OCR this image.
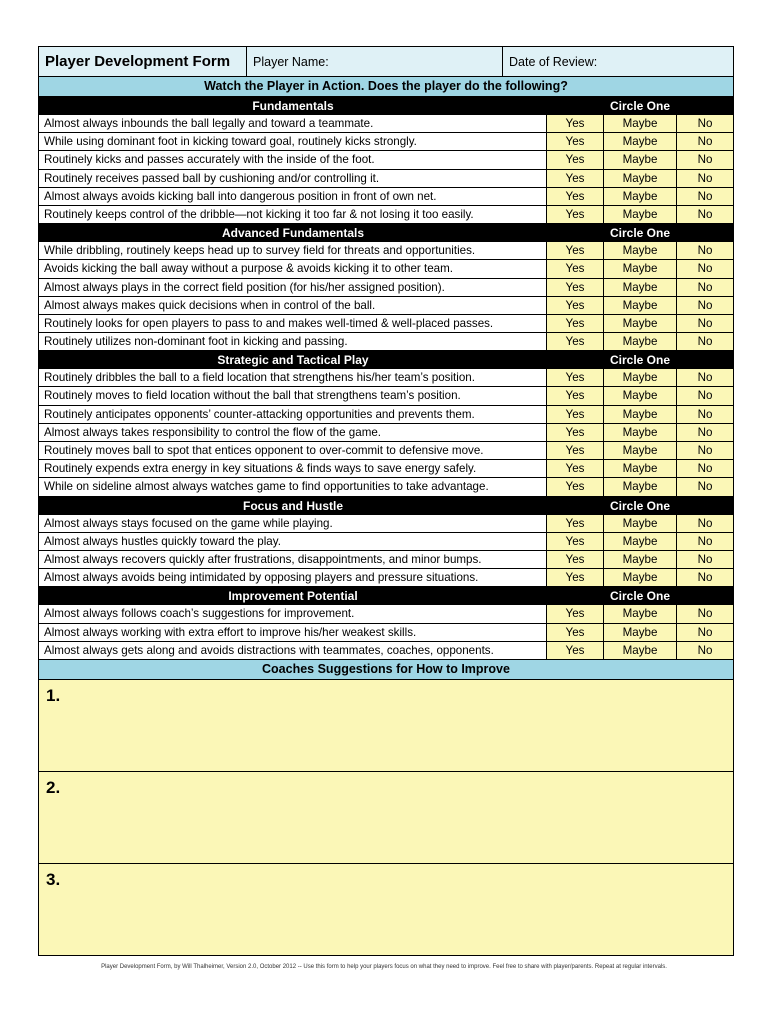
Player Development Form	Player Name:	Date of Review:
Watch the Player in Action. Does the player do the following?
Fundamentals	Circle One
Almost always inbounds the ball legally and toward a teammate.	Yes	Maybe	No
While using dominant foot in kicking toward goal, routinely kicks strongly.	Yes	Maybe	No
Routinely kicks and passes accurately with the inside of the foot.	Yes	Maybe	No
Routinely receives passed ball by cushioning and/or controlling it.	Yes	Maybe	No
Almost always avoids kicking ball into dangerous position in front of own net.	Yes	Maybe	No
Routinely keeps control of the dribble—not kicking it too far & not losing it too easily.	Yes	Maybe	No
Advanced Fundamentals	Circle One
While dribbling, routinely keeps head up to survey field for threats and opportunities.	Yes	Maybe	No
Avoids kicking the ball away without a purpose & avoids kicking it to other team.	Yes	Maybe	No
Almost always plays in the correct field position (for his/her assigned position).	Yes	Maybe	No
Almost always makes quick decisions when in control of the ball.	Yes	Maybe	No
Routinely looks for open players to pass to and makes well-timed & well-placed passes.	Yes	Maybe	No
Routinely utilizes non-dominant foot in kicking and passing.	Yes	Maybe	No
Strategic and Tactical Play	Circle One
Routinely dribbles the ball to a field location that strengthens his/her team’s position.	Yes	Maybe	No
Routinely moves to field location without the ball that strengthens team’s position.	Yes	Maybe	No
Routinely anticipates opponents’ counter-attacking opportunities and prevents them.	Yes	Maybe	No
Almost always takes responsibility to control the flow of the game.	Yes	Maybe	No
Routinely moves ball to spot that entices opponent to over-commit to defensive move.	Yes	Maybe	No
Routinely expends extra energy in key situations & finds ways to save energy safely.	Yes	Maybe	No
While on sideline almost always watches game to find opportunities to take advantage.	Yes	Maybe	No
Focus and Hustle	Circle One
Almost always stays focused on the game while playing.	Yes	Maybe	No
Almost always hustles quickly toward the play.	Yes	Maybe	No
Almost always recovers quickly after frustrations, disappointments, and minor bumps.	Yes	Maybe	No
Almost always avoids being intimidated by opposing players and pressure situations.	Yes	Maybe	No
Improvement Potential	Circle One
Almost always follows coach’s suggestions for improvement.	Yes	Maybe	No
Almost always working with extra effort to improve his/her weakest skills.	Yes	Maybe	No
Almost always gets along and avoids distractions with teammates, coaches, opponents.	Yes	Maybe	No
Coaches Suggestions for How to Improve
1.
2.
3.
Player Development Form, by Will Thalheimer, Version 2.0, October 2012 -- Use this form to help your players focus on what they need to improve. Feel free to share with player/parents. Repeat at regular intervals.
